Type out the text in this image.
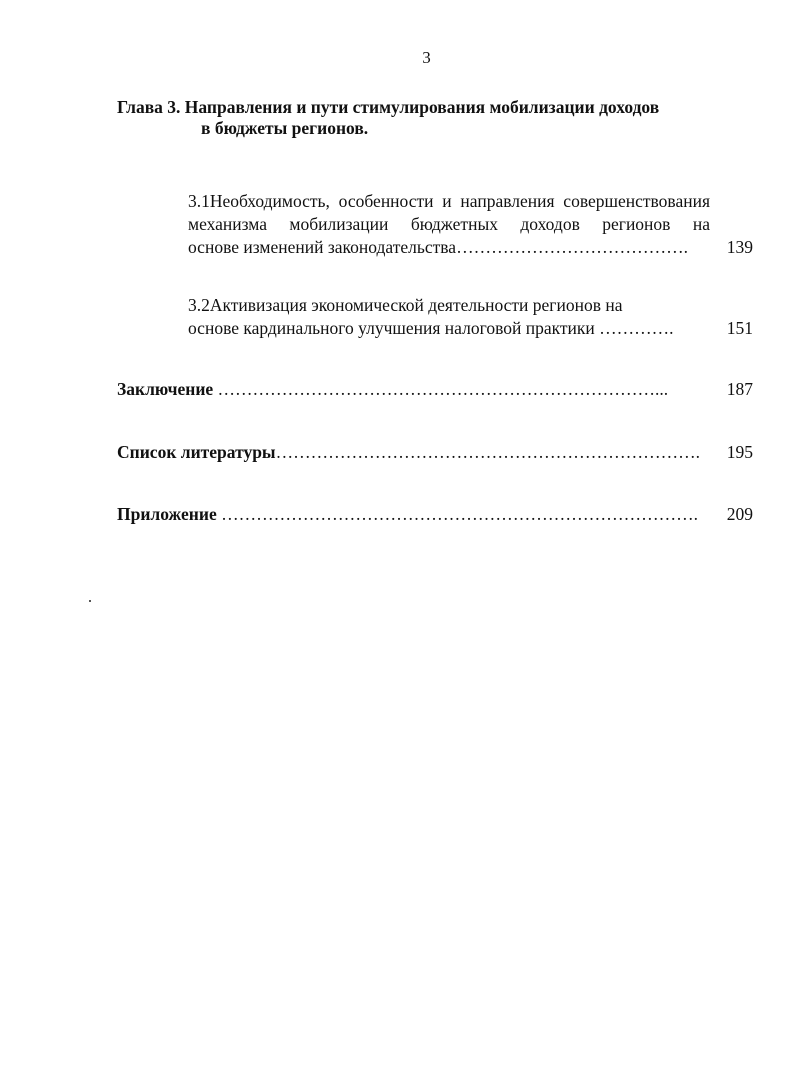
3
Глава 3. Направления и пути стимулирования мобилизации доходов
в бюджеты регионов.
3.1Необходимость, особенности и направления совершенствования
механизма мобилизации бюджетных доходов регионов на
основе изменений законодательства………………………………….	139
3.2Активизация экономической деятельности регионов на
основе кардинального улучшения налоговой практики ………….	151
Заключение …………………………………………………………………...	187
Список литературы……………………………………………………………….	195
Приложение ……………………………………………………………………….	209
